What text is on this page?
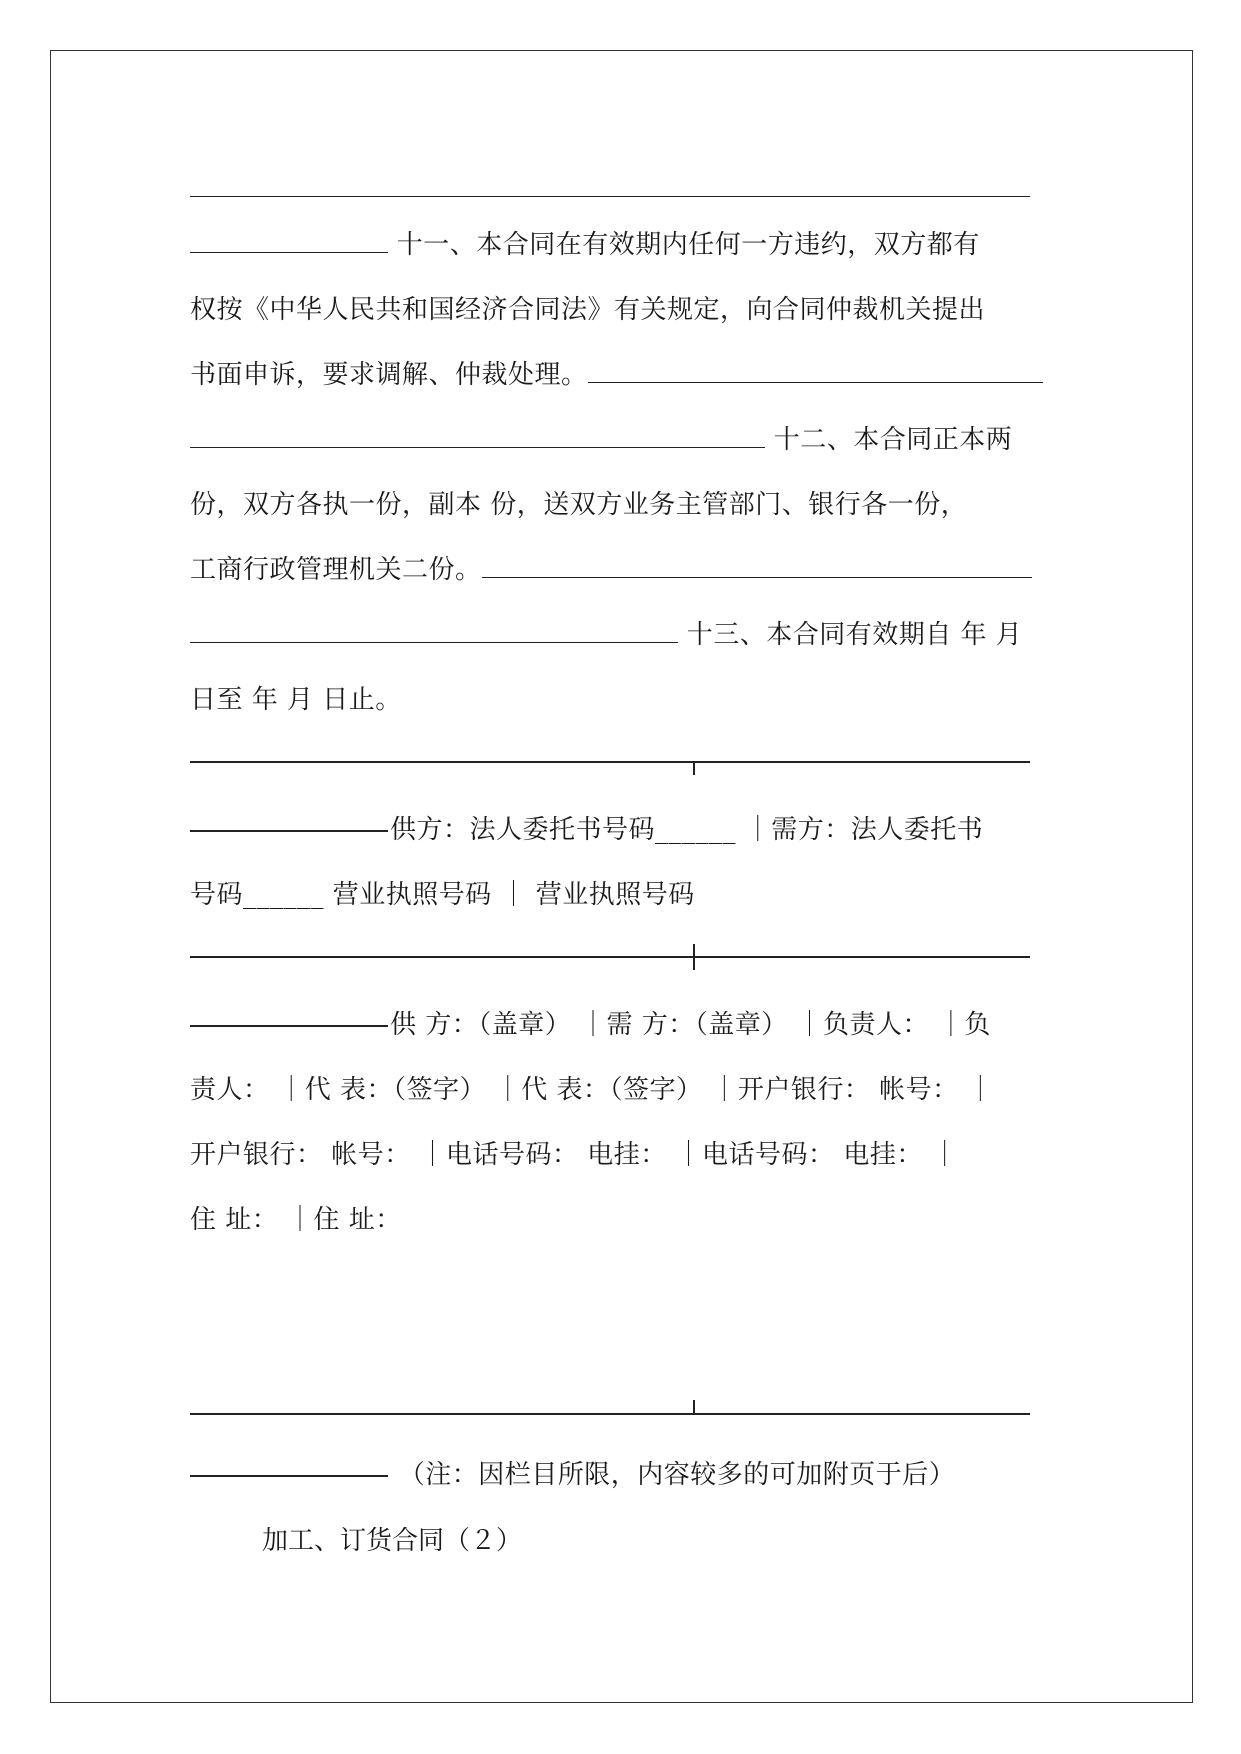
十一、本合同在有效期内任何一方违约，双方都有
权按《中华人民共和国经济合同法》有关规定，向合同仲裁机关提出
书面申诉，要求调解、仲裁处理。
十二、本合同正本两
份，双方各执一份，副本 份，送双方业务主管部门、银行各一份，
工商行政管理机关二份。
十三、本合同有效期自 年 月
日至 年 月 日止。
供方：法人委托书号码______ ｜需方：法人委托书
号码______ 营业执照号码 ｜ 营业执照号码
供 方：（盖章） ｜需 方：（盖章） ｜负责人： ｜负
责人： ｜代 表：（签字） ｜代 表：（签字） ｜开户银行： 帐号： ｜
开户银行： 帐号： ｜电话号码： 电挂： ｜电话号码： 电挂： ｜
住 址： ｜住 址：
（注：因栏目所限，内容较多的可加附页于后）
加工、订货合同（２）
